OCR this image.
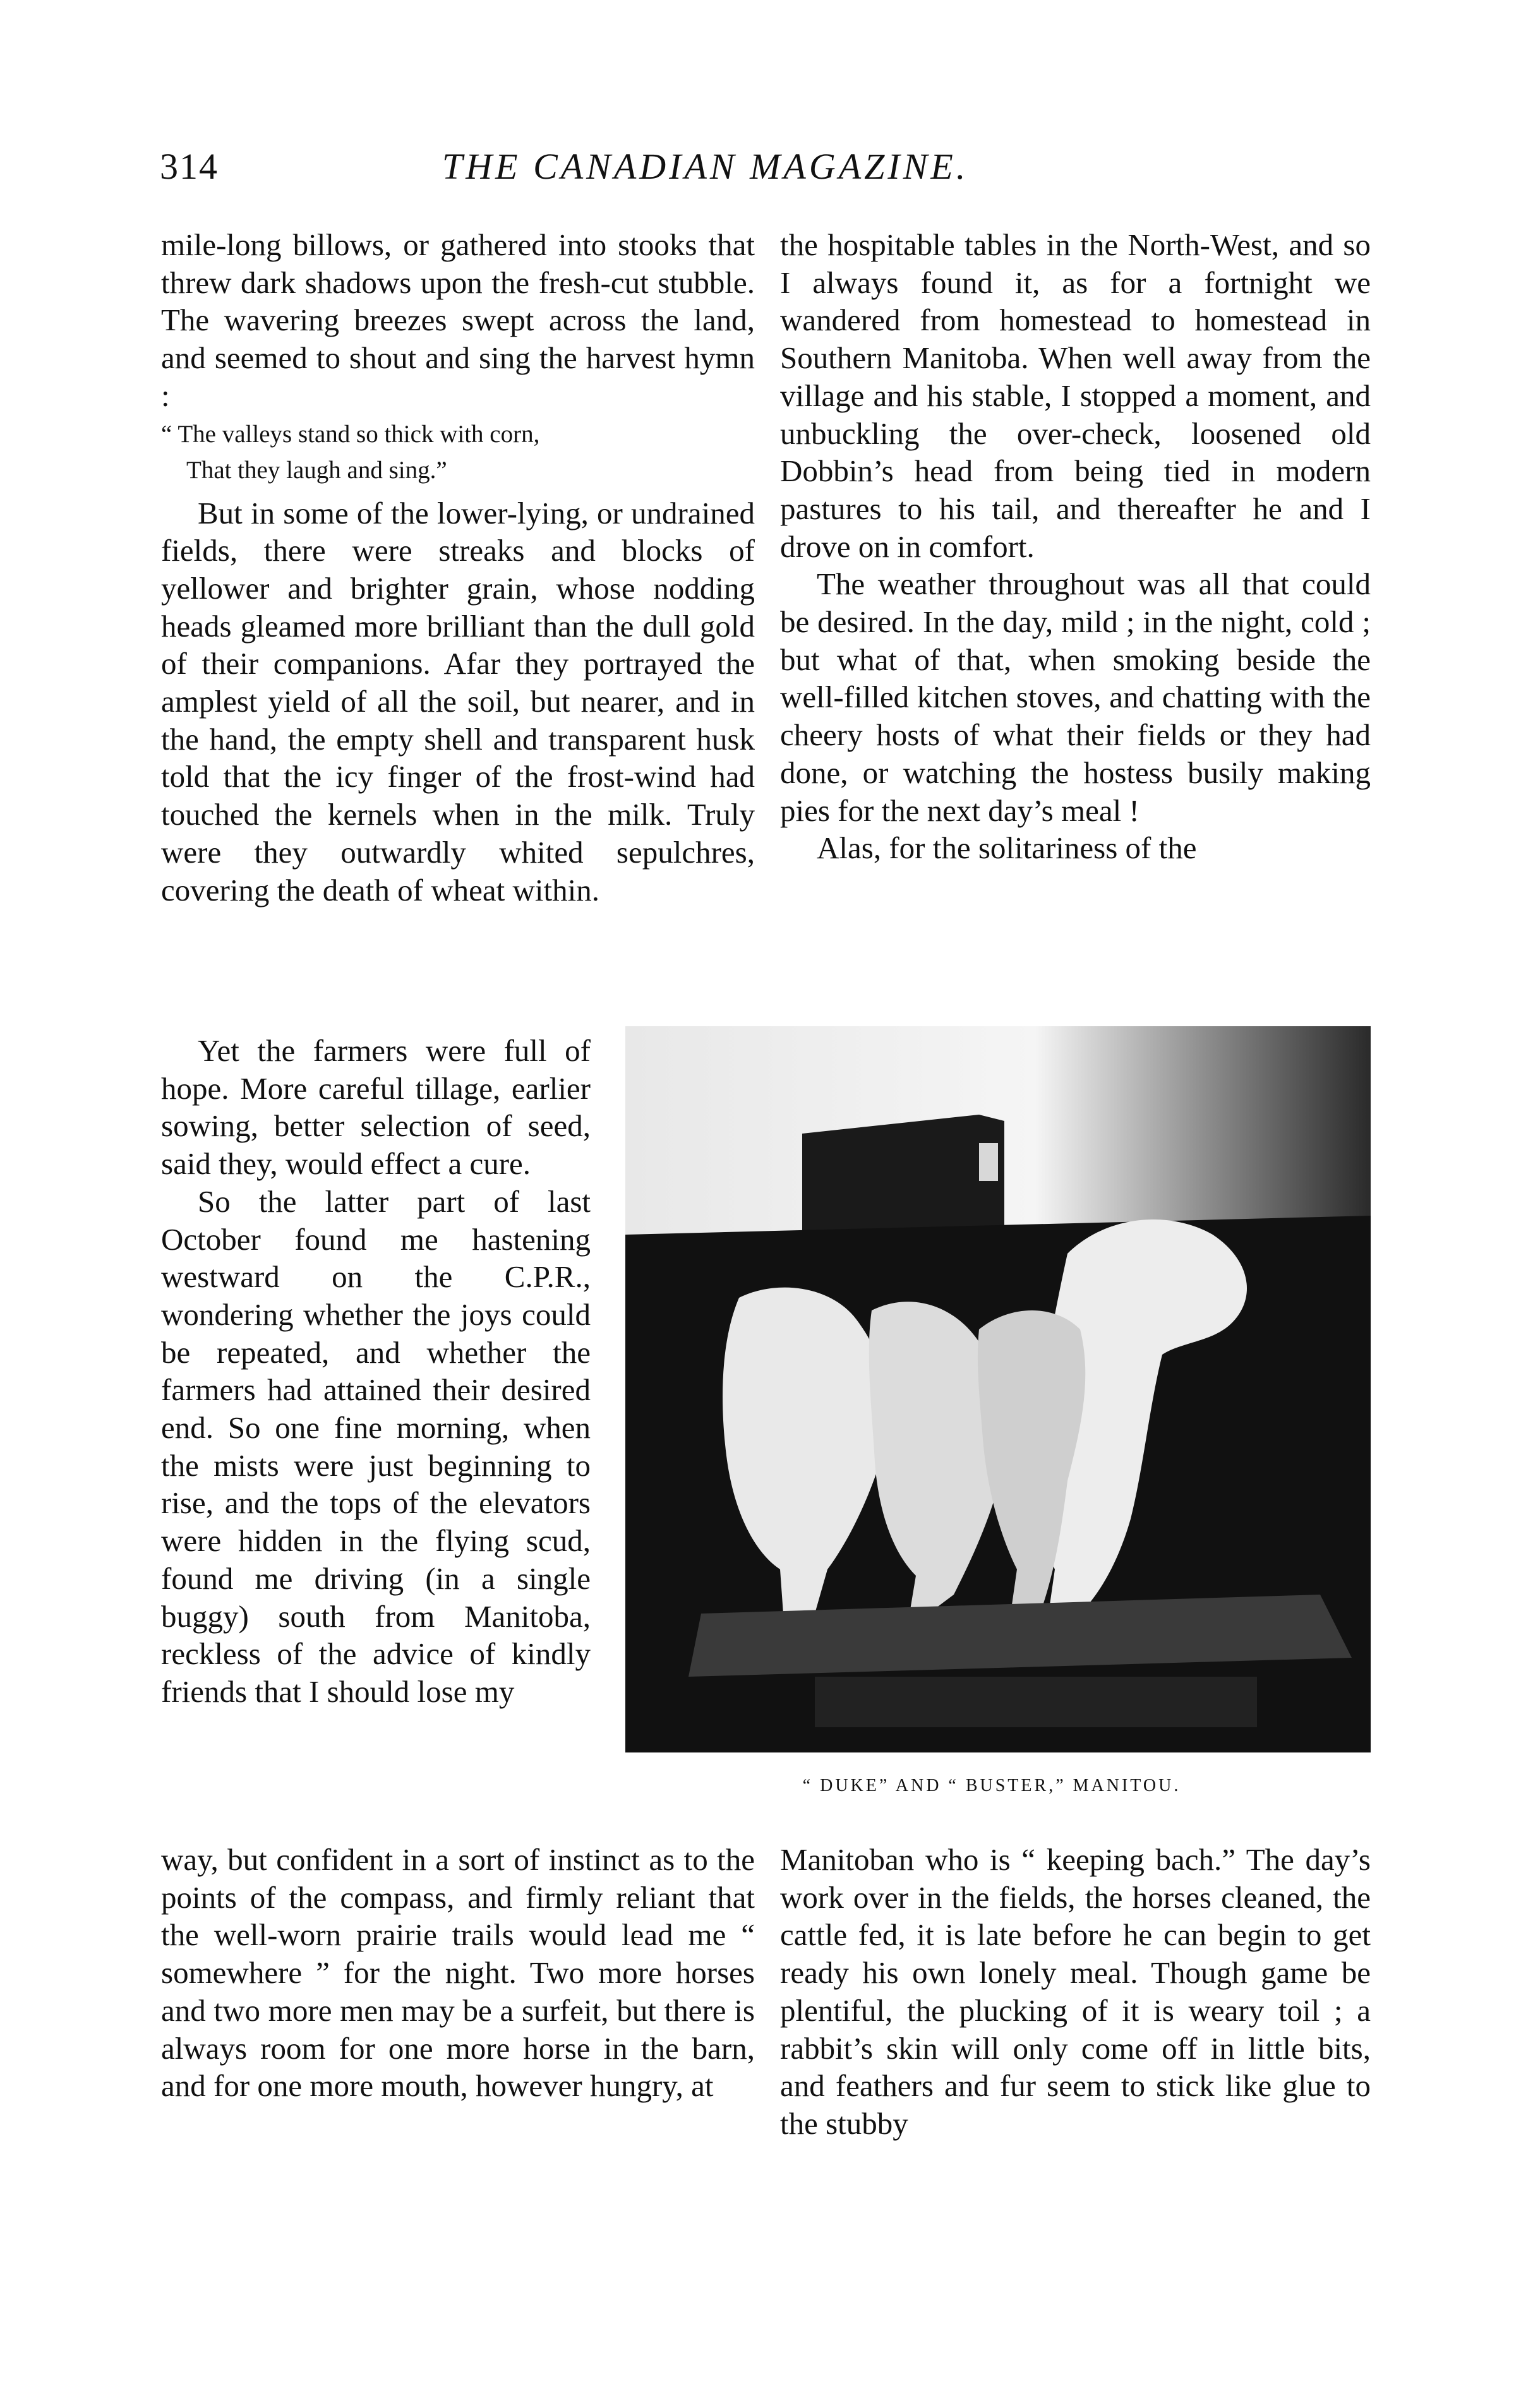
314	THE CANADIAN MAGAZINE.

mile-long billows, or gathered into stooks that threw dark shadows upon the fresh-cut stubble. The wavering breezes swept across the land, and seemed to shout and sing the harvest hymn :

“ The valleys stand so thick with corn,
That they laugh and sing.”

But in some of the lower-lying, or undrained fields, there were streaks and blocks of yellower and brighter grain, whose nodding heads gleamed more brilliant than the dull gold of their companions. Afar they portrayed the amplest yield of all the soil, but nearer, and in the hand, the empty shell and transparent husk told that the icy finger of the frost-wind had touched the kernels when in the milk. Truly were they outwardly whited sepulchres, covering the death of wheat within.

Yet the farmers were full of hope. More careful tillage, earlier sowing, better selection of seed, said they, would effect a cure.

So the latter part of last October found me hastening westward on the C.P.R., wondering whether the joys could be repeated, and whether the farmers had attained their desired end. So one fine morning, when the mists were just beginning to rise, and the tops of the elevators were hidden in the flying scud, found me driving (in a single buggy) south from Manitoba, reckless of the advice of kindly friends that I should lose my

way, but confident in a sort of instinct as to the points of the compass, and firmly reliant that the well-worn prairie trails would lead me “ somewhere ” for the night. Two more horses and two more men may be a surfeit, but there is always room for one more horse in the barn, and for one more mouth, however hungry, at

the hospitable tables in the North-West, and so I always found it, as for a fortnight we wandered from homestead to homestead in Southern Manitoba. When well away from the village and his stable, I stopped a moment, and unbuckling the over-check, loosened old Dobbin’s head from being tied in modern pastures to his tail, and thereafter he and I drove on in comfort.

The weather throughout was all that could be desired. In the day, mild ; in the night, cold ; but what of that, when smoking beside the well-filled kitchen stoves, and chatting with the cheery hosts of what their fields or they had done, or watching the hostess busily making pies for the next day’s meal !

Alas, for the solitariness of the

“ DUKE” AND “ BUSTER,” MANITOU.

Manitoban who is “ keeping bach.” The day’s work over in the fields, the horses cleaned, the cattle fed, it is late before he can begin to get ready his own lonely meal. Though game be plentiful, the plucking of it is weary toil ; a rabbit’s skin will only come off in little bits, and feathers and fur seem to stick like glue to the stubby
